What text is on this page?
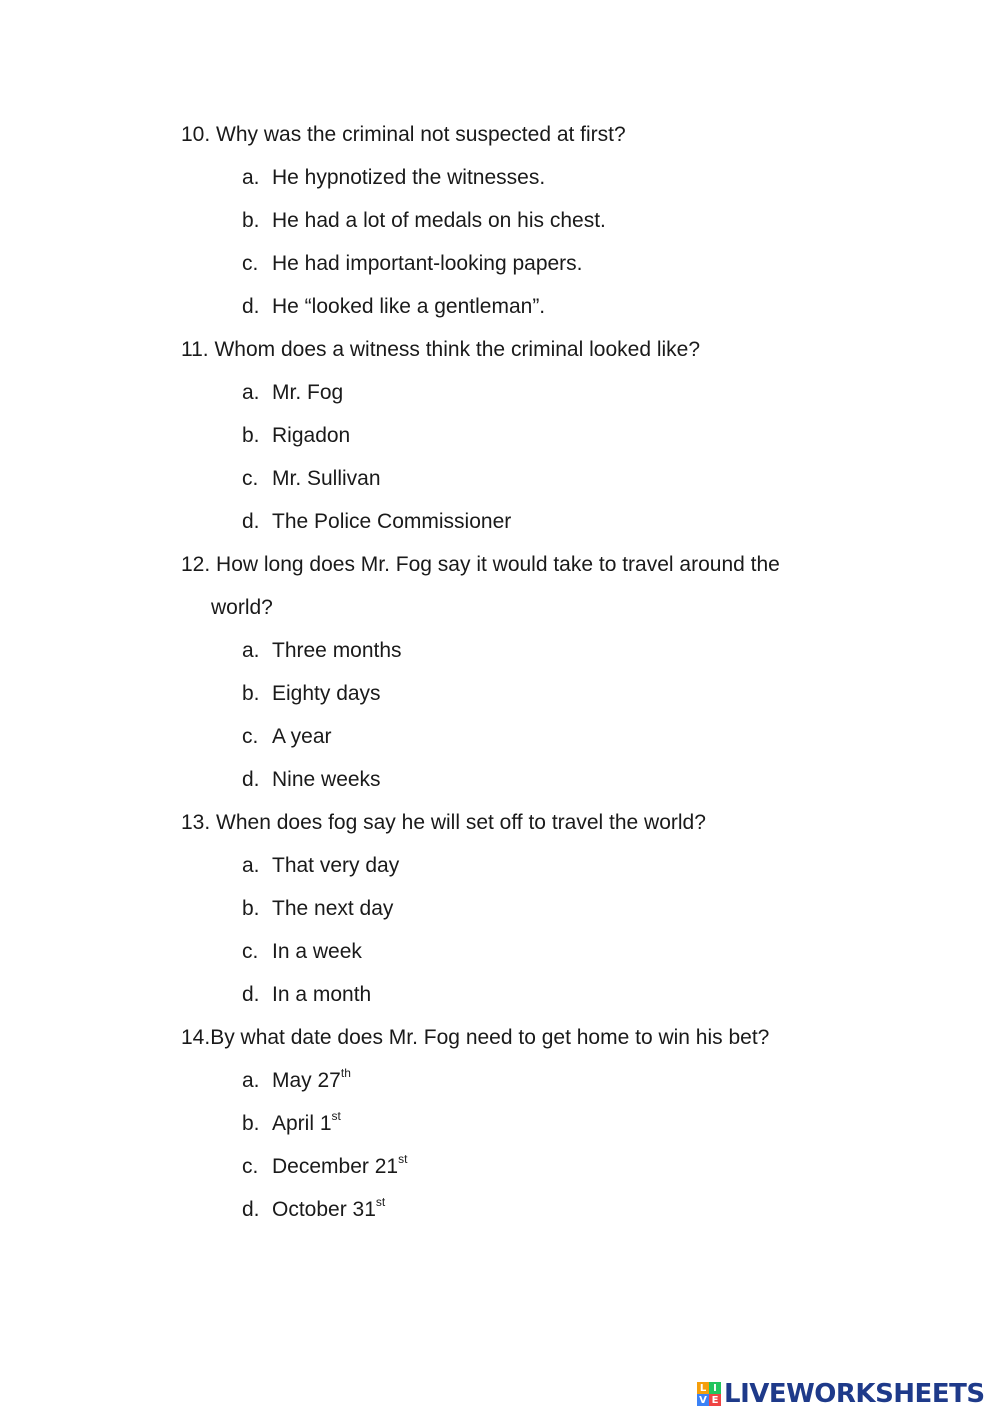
10. Why was the criminal not suspected at first?
a. He hypnotized the witnesses.
b. He had a lot of medals on his chest.
c. He had important-looking papers.
d. He “looked like a gentleman”.
11. Whom does a witness think the criminal looked like?
a. Mr. Fog
b. Rigadon
c. Mr. Sullivan
d. The Police Commissioner
12. How long does Mr. Fog say it would take to travel around the
world?
a. Three months
b. Eighty days
c. A year
d. Nine weeks
13. When does fog say he will set off to travel the world?
a. That very day
b. The next day
c. In a week
d. In a month
14.By what date does Mr. Fog need to get home to win his bet?
a. May 27th
b. April 1st
c. December 21st
d. October 31st
L I
V E LIVEWORKSHEETS
